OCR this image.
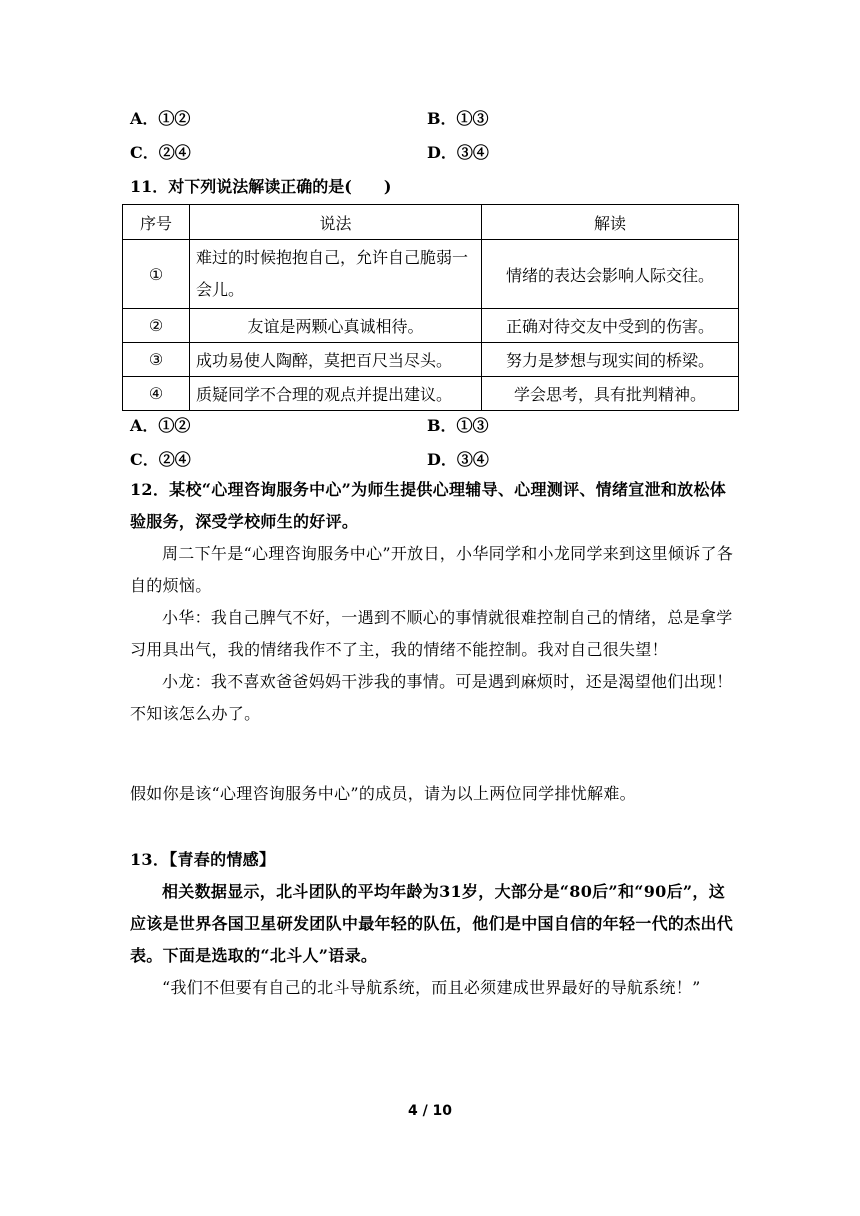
A．①②	B．①③
C．②④	D．③④
11．对下列说法解读正确的是(　　)
序号	说法	解读
①	难过的时候抱抱自己，允许自己脆弱一会儿。	情绪的表达会影响人际交往。
②	友谊是两颗心真诚相待。	正确对待交友中受到的伤害。
③	成功易使人陶醉，莫把百尺当尽头。	努力是梦想与现实间的桥梁。
④	质疑同学不合理的观点并提出建议。	学会思考，具有批判精神。
A．①②	B．①③
C．②④	D．③④

12．某校“心理咨询服务中心”为师生提供心理辅导、心理测评、情绪宣泄和放松体验服务，深受学校师生的好评。

周二下午是“心理咨询服务中心”开放日，小华同学和小龙同学来到这里倾诉了各自的烦恼。

小华：我自己脾气不好，一遇到不顺心的事情就很难控制自己的情绪，总是拿学习用具出气，我的情绪我作不了主，我的情绪不能控制。我对自己很失望！

小龙：我不喜欢爸爸妈妈干涉我的事情。可是遇到麻烦时，还是渴望他们出现！不知该怎么办了。

假如你是该“心理咨询服务中心”的成员，请为以上两位同学排忧解难。

13．【青春的情感】

相关数据显示，北斗团队的平均年龄为31岁，大部分是“80后”和“90后”，这应该是世界各国卫星研发团队中最年轻的队伍，他们是中国自信的年轻一代的杰出代表。下面是选取的“北斗人”语录。

“我们不但要有自己的北斗导航系统，而且必须建成世界最好的导航系统！”

4 / 10
